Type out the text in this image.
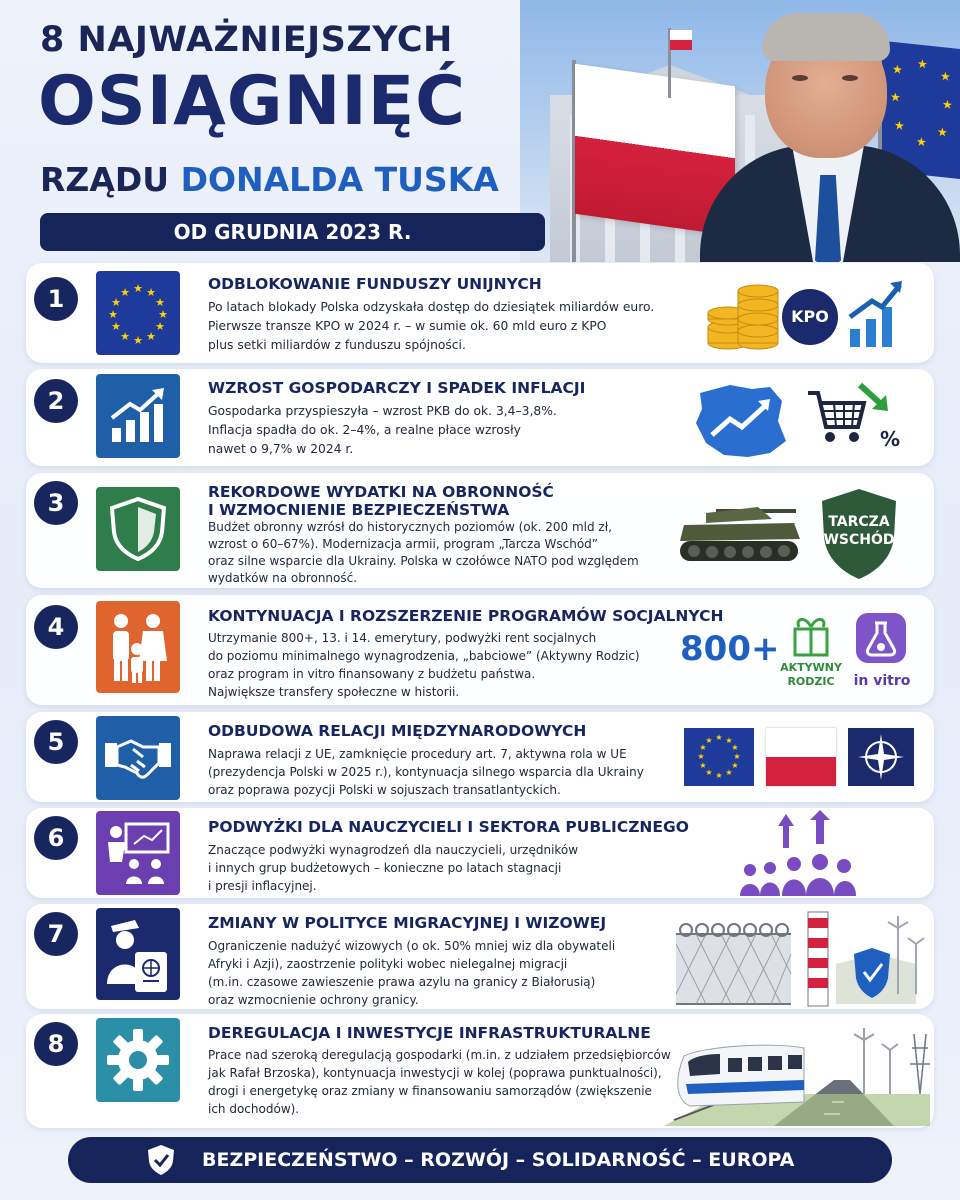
★ ★
★
★	★
★	★
★
8 NAJWAŻNIEJSZYCH
OSIĄGNIĘĆ
RZĄDU DONALDA TUSKA
OD GRUDNIA 2023 R.
1	★ ★
★
★
★
★
★
★
★
★
★
★	ODBLOKOWANIE FUNDUSZY UNIJNYCH
Po latach blokady Polska odzyskała dostęp do dziesiątek miliardów euro.
Pierwsze transze KPO w 2024 r. – w sumie ok. 60 mld euro z KPO
plus setki miliardów z funduszu spójności.
KPO
2	WZROST GOSPODARCZY I SPADEK INFLACJI
Gospodarka przyspieszyła – wzrost PKB do ok. 3,4–3,8%.
Inflacja spadła do ok. 2–4%, a realne płace wzrosły
nawet o 9,7% w 2024 r.	%
3	REKORDOWE WYDATKI NA OBRONNOŚĆ
I WZMOCNIENIE BEZPIECZEŃSTWA
Budżet obronny wzrósł do historycznych poziomów (ok. 200 mld zł,
wzrost o 60–67%). Modernizacja armii, program „Tarcza Wschód”
oraz silne wsparcie dla Ukrainy. Polska w czołówce NATO pod względem
wydatków na obronność.
TARCZA
WSCHÓD
4	KONTYNUACJA I ROZSZERZENIE PROGRAMÓW SOCJALNYCH
Utrzymanie 800+, 13. i 14. emerytury, podwyżki rent socjalnych
do poziomu minimalnego wynagrodzenia, „babciowe” (Aktywny Rodzic)
oraz program in vitro finansowany z budżetu państwa.
Największe transfery społeczne w historii.
800+ AKTYWNY
RODZIC	in vitro
5	ODBUDOWA RELACJI MIĘDZYNARODOWYCH
Naprawa relacji z UE, zamknięcie procedury art. 7, aktywna rola w UE
(prezydencja Polski w 2025 r.), kontynuacja silnego wsparcia dla Ukrainy
oraz poprawa pozycji Polski w sojuszach transatlantyckich.
★ ★
★
★
★
★
★
★
★
★
★
★
6	PODWYŻKI DLA NAUCZYCIELI I SEKTORA PUBLICZNEGO
Znaczące podwyżki wynagrodzeń dla nauczycieli, urzędników
i innych grup budżetowych – konieczne po latach stagnacji
i presji inflacyjnej.
7	ZMIANY W POLITYCE MIGRACYJNEJ I WIZOWEJ
Ograniczenie nadużyć wizowych (o ok. 50% mniej wiz dla obywateli
Afryki i Azji), zaostrzenie polityki wobec nielegalnej migracji
(m.in. czasowe zawieszenie prawa azylu na granicy z Białorusią)
oraz wzmocnienie ochrony granicy.
8	DEREGULACJA I INWESTYCJE INFRASTRUKTURALNE
Prace nad szeroką deregulacją gospodarki (m.in. z udziałem przedsiębiorców
jak Rafał Brzoska), kontynuacja inwestycji w kolej (poprawa punktualności),
drogi i energetykę oraz zmiany w finansowaniu samorządów (zwiększenie
ich dochodów).
BEZPIECZEŃSTWO – ROZWÓJ – SOLIDARNOŚĆ – EUROPA
